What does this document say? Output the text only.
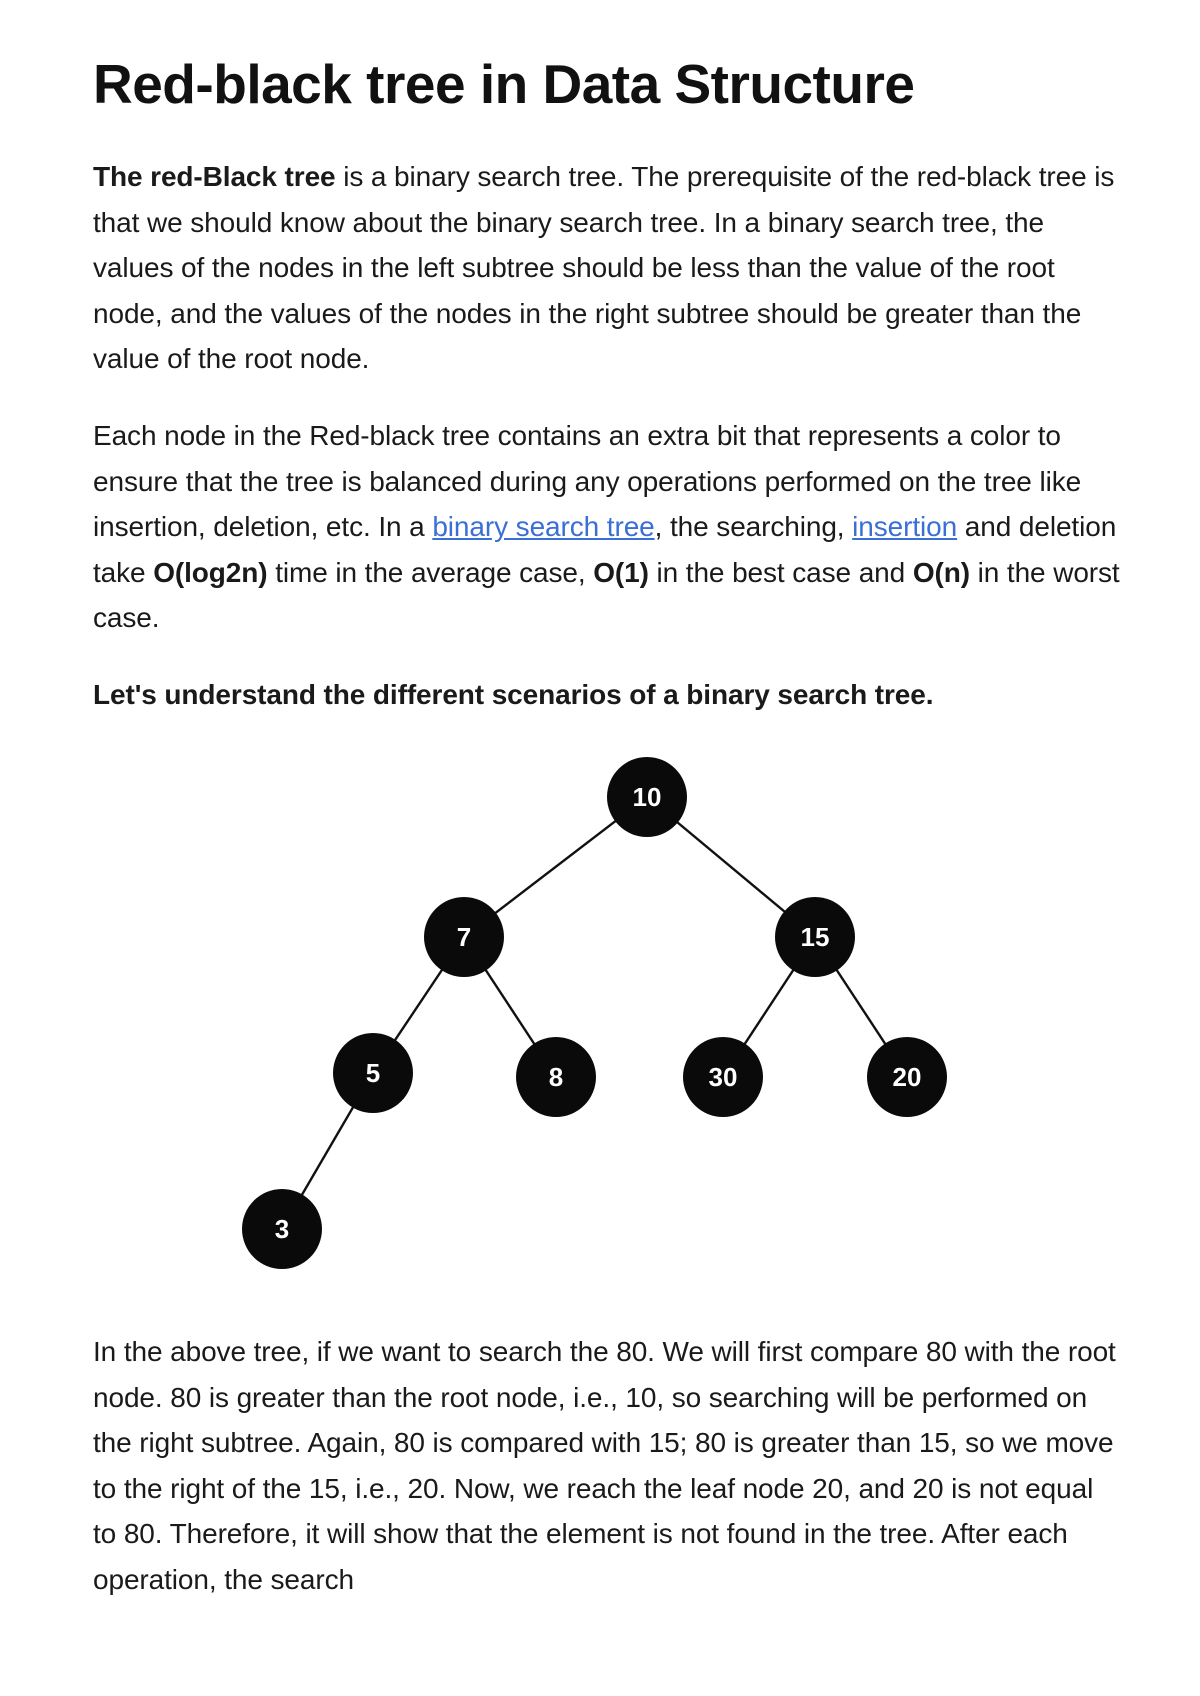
Red-black tree in Data Structure

The red-Black tree is a binary search tree. The prerequisite of the red-black tree is that we should know about the binary search tree. In a binary search tree, the values of the nodes in the left subtree should be less than the value of the root node, and the values of the nodes in the right subtree should be greater than the value of the root node.

Each node in the Red-black tree contains an extra bit that represents a color to ensure that the tree is balanced during any operations performed on the tree like insertion, deletion, etc. In a binary search tree, the searching, insertion and deletion take O(log2n) time in the average case, O(1) in the best case and O(n) in the worst case.

Let's understand the different scenarios of a binary search tree.

In the above tree, if we want to search the 80. We will first compare 80 with the root node. 80 is greater than the root node, i.e., 10, so searching will be performed on the right subtree. Again, 80 is compared with 15; 80 is greater than 15, so we move to the right of the 15, i.e., 20. Now, we reach the leaf node 20, and 20 is not equal to 80. Therefore, it will show that the element is not found in the tree. After each operation, the search

10
7	15
5	8	30	20
3
